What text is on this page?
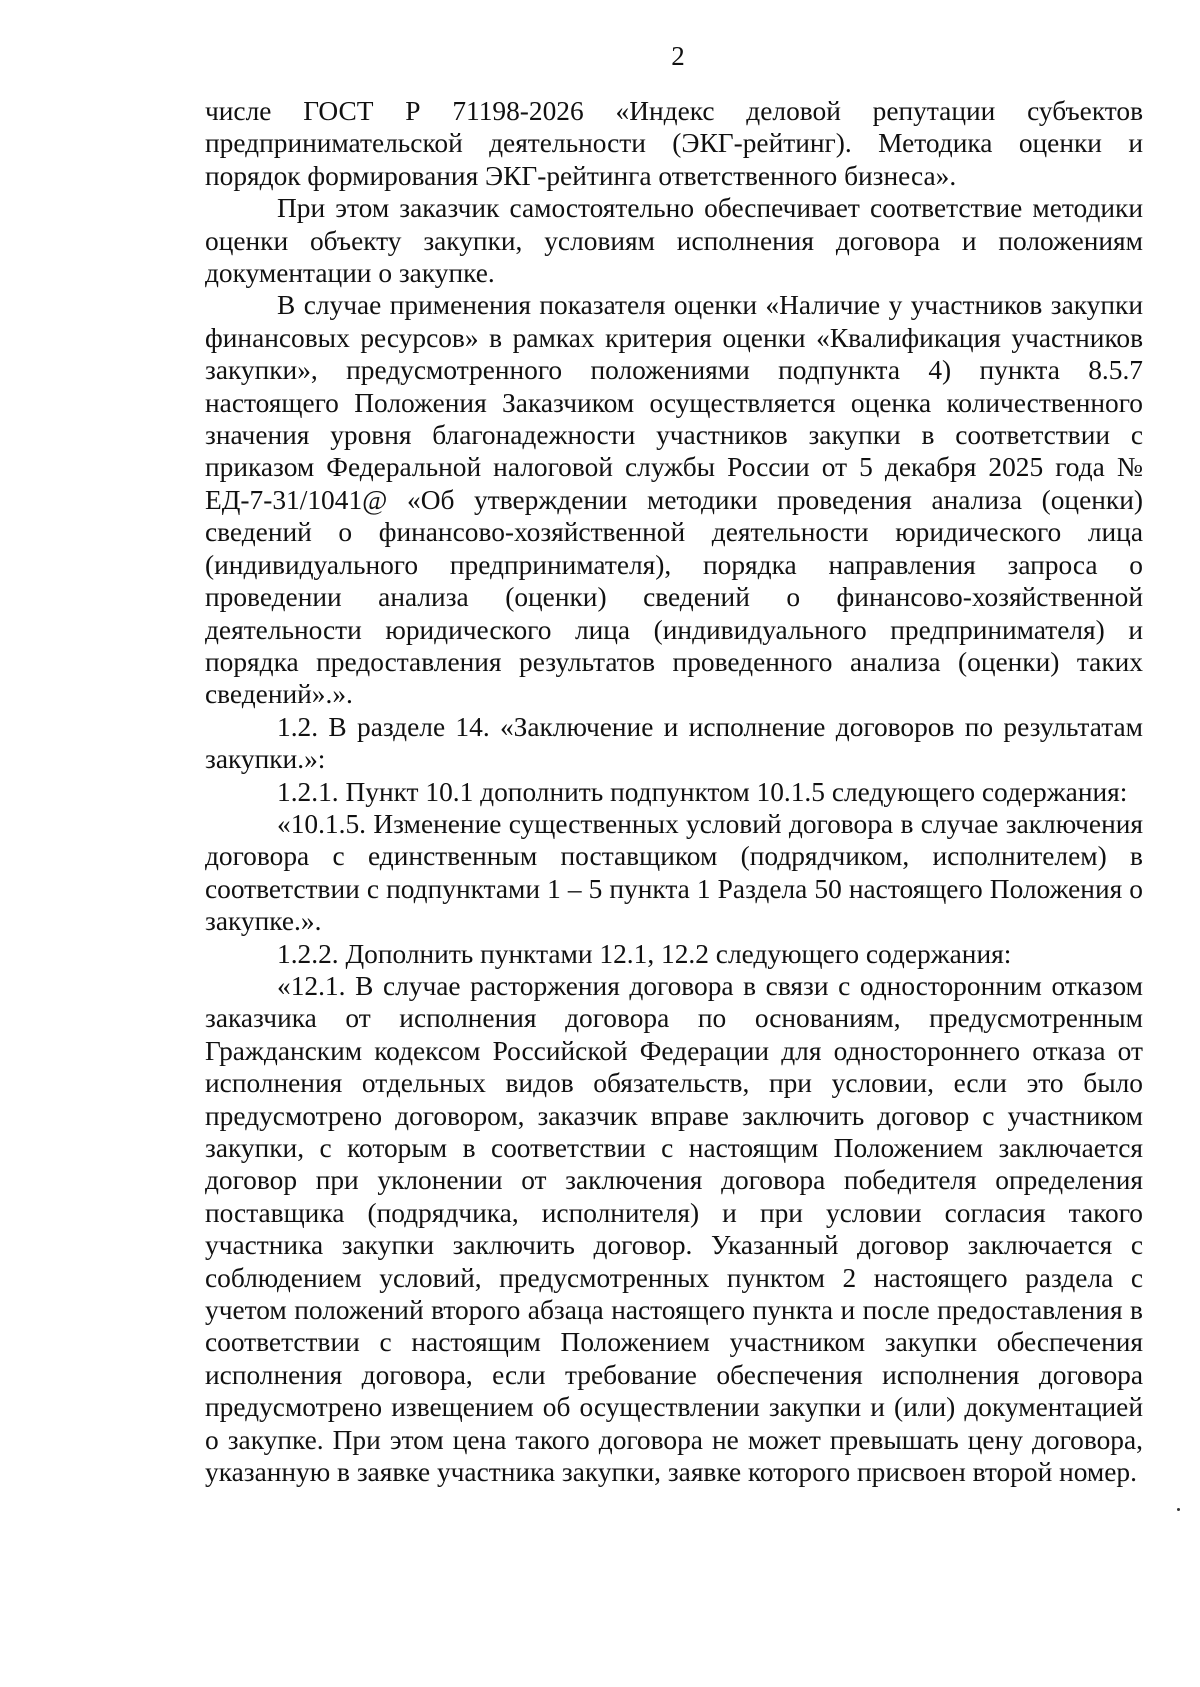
2

числе ГОСТ Р 71198-2026 «Индекс деловой репутации субъектов предпринимательской деятельности (ЭКГ-рейтинг). Методика оценки и порядок формирования ЭКГ-рейтинга ответственного бизнеса».

При этом заказчик самостоятельно обеспечивает соответствие методики оценки объекту закупки, условиям исполнения договора и положениям документации о закупке.

В случае применения показателя оценки «Наличие у участников закупки финансовых ресурсов» в рамках критерия оценки «Квалификация участников закупки», предусмотренного положениями подпункта 4) пункта 8.5.7 настоящего Положения Заказчиком осуществляется оценка количественного значения уровня благонадежности участников закупки в соответствии с приказом Федеральной налоговой службы России от 5 декабря 2025 года № ЕД-7-31/1041@ «Об утверждении методики проведения анализа (оценки) сведений о финансово-хозяйственной деятельности юридического лица (индивидуального предпринимателя), порядка направления запроса о проведении анализа (оценки) сведений о финансово-хозяйственной деятельности юридического лица (индивидуального предпринимателя) и порядка предоставления результатов проведенного анализа (оценки) таких сведений».».

1.2. В разделе 14. «Заключение и исполнение договоров по результатам закупки.»:

1.2.1. Пункт 10.1 дополнить подпунктом 10.1.5 следующего содержания:

«10.1.5. Изменение существенных условий договора в случае заключения договора с единственным поставщиком (подрядчиком, исполнителем) в соответствии с подпунктами 1 – 5 пункта 1 Раздела 50 настоящего Положения о закупке.».

1.2.2. Дополнить пунктами 12.1, 12.2 следующего содержания:

«12.1. В случае расторжения договора в связи с односторонним отказом заказчика от исполнения договора по основаниям, предусмотренным Гражданским кодексом Российской Федерации для одностороннего отказа от исполнения отдельных видов обязательств, при условии, если это было предусмотрено договором, заказчик вправе заключить договор с участником закупки, с которым в соответствии с настоящим Положением заключается договор при уклонении от заключения договора победителя определения поставщика (подрядчика, исполнителя) и при условии согласия такого участника закупки заключить договор. Указанный договор заключается с соблюдением условий, предусмотренных пунктом 2 настоящего раздела с учетом положений второго абзаца настоящего пункта и после предоставления в соответствии с настоящим Положением участником закупки обеспечения исполнения договора, если требование обеспечения исполнения договора предусмотрено извещением об осуществлении закупки и (или) документацией о закупке. При этом цена такого договора не может превышать цену договора, указанную в заявке участника закупки, заявке которого присвоен второй номер.
